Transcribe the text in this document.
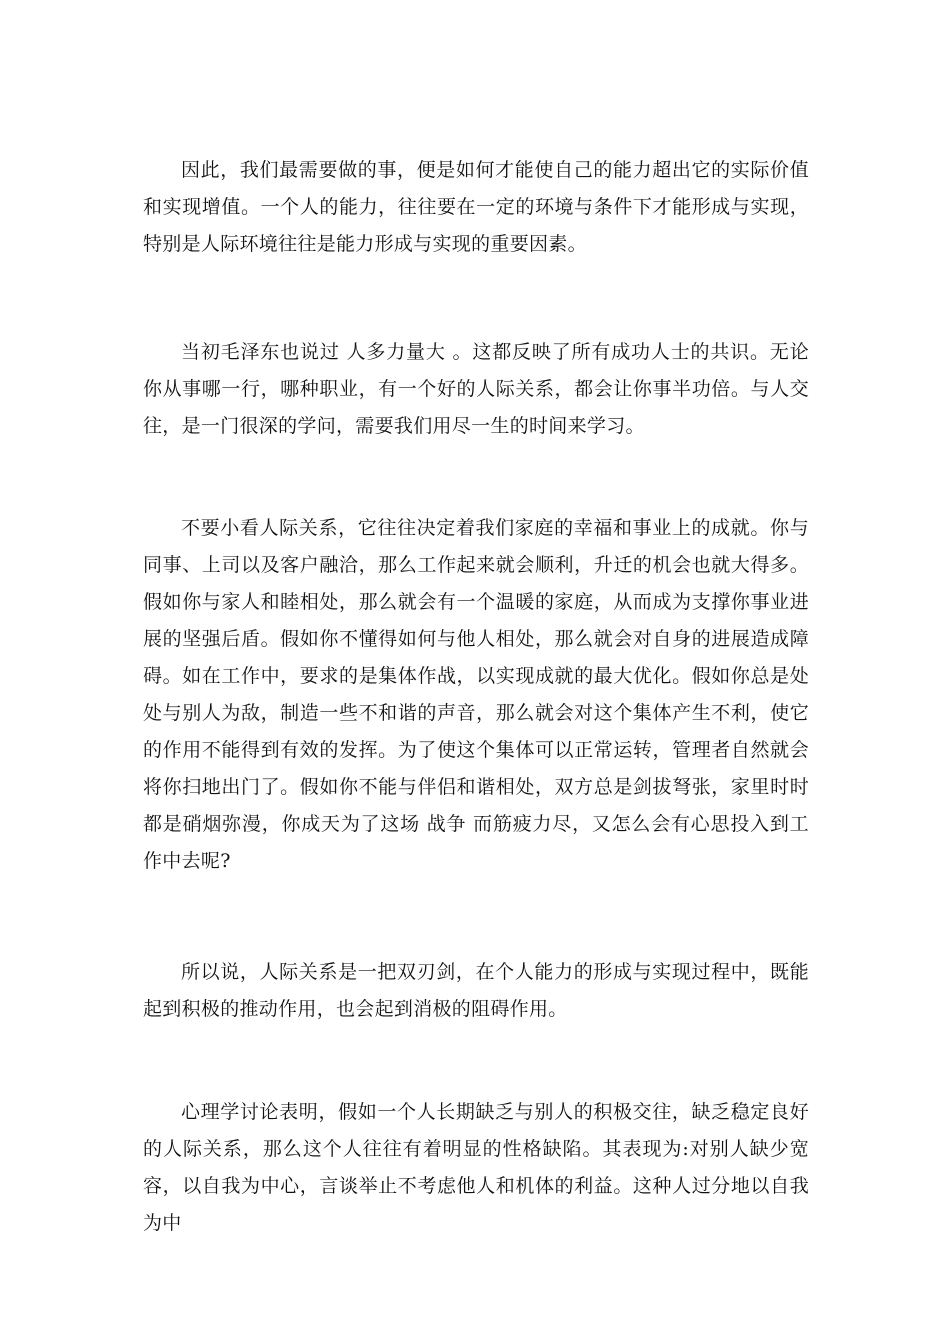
因此，我们最需要做的事，便是如何才能使自己的能力超出它的实际价值和实现增值。一个人的能力，往往要在一定的环境与条件下才能形成与实现，特别是人际环境往往是能力形成与实现的重要因素。

当初毛泽东也说过 人多力量大 。这都反映了所有成功人士的共识。无论你从事哪一行，哪种职业，有一个好的人际关系，都会让你事半功倍。与人交往，是一门很深的学问，需要我们用尽一生的时间来学习。

不要小看人际关系，它往往决定着我们家庭的幸福和事业上的成就。你与同事、上司以及客户融洽，那么工作起来就会顺利，升迁的机会也就大得多。假如你与家人和睦相处，那么就会有一个温暖的家庭，从而成为支撑你事业进展的坚强后盾。假如你不懂得如何与他人相处，那么就会对自身的进展造成障碍。如在工作中，要求的是集体作战，以实现成就的最大优化。假如你总是处处与别人为敌，制造一些不和谐的声音，那么就会对这个集体产生不利，使它的作用不能得到有效的发挥。为了使这个集体可以正常运转，管理者自然就会将你扫地出门了。假如你不能与伴侣和谐相处，双方总是剑拔弩张，家里时时都是硝烟弥漫，你成天为了这场 战争 而筋疲力尽，又怎么会有心思投入到工作中去呢?

所以说，人际关系是一把双刃剑，在个人能力的形成与实现过程中，既能起到积极的推动作用，也会起到消极的阻碍作用。

心理学讨论表明，假如一个人长期缺乏与别人的积极交往，缺乏稳定良好的人际关系，那么这个人往往有着明显的性格缺陷。其表现为:对别人缺少宽容，以自我为中心，言谈举止不考虑他人和机体的利益。这种人过分地以自我为中
